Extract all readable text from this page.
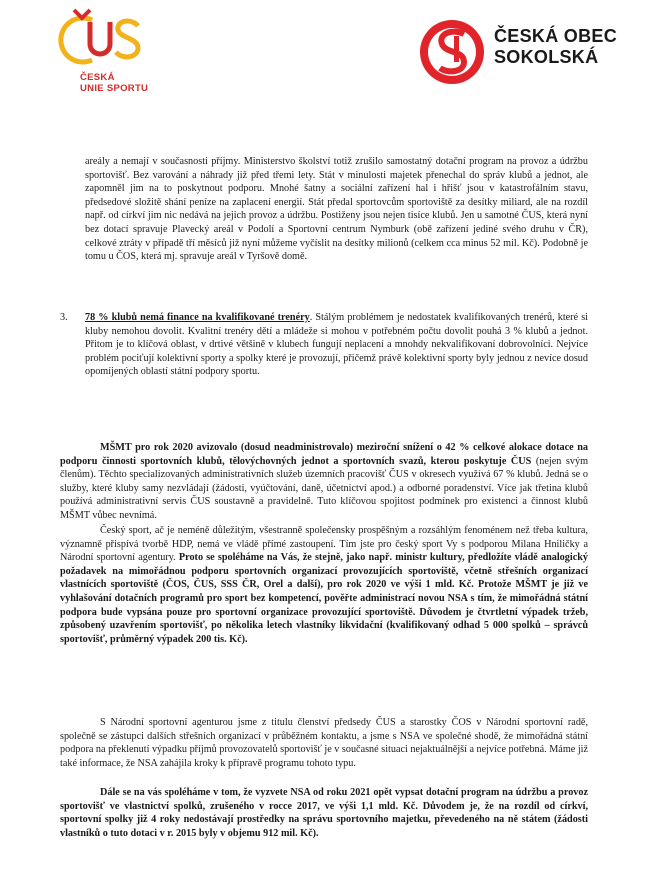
ČESKÁ
UNIE SPORTU
ČESKÁ OBEC
SOKOLSKÁ
areály a nemají v současnosti příjmy. Ministerstvo školství totiž zrušilo samostatný dotační program na provoz a údržbu sportovišť. Bez varování a náhrady již před třemi lety. Stát v minulosti majetek přenechal do správ klubů a jednot, ale zapomněl jim na to poskytnout podporu. Mnohé šatny a sociální zařízení hal i hřišť jsou v katastrofálním stavu, předsedové složitě shání peníze na zaplacení energií. Stát předal sportovcům sportoviště za desítky miliard, ale na rozdíl např. od církví jim nic nedává na jejich provoz a údržbu. Postiženy jsou nejen tisíce klubů. Jen u samotné ČUS, která nyní bez dotací spravuje Plavecký areál v Podolí a Sportovní centrum Nymburk (obě zařízení jediné svého druhu v ČR), celkové ztráty v případě tří měsíců již nyní můžeme vyčíslit na desítky milionů (celkem cca minus 52 mil. Kč). Podobně je tomu u ČOS, která mj. spravuje areál v Tyršově domě.
3.	78 % klubů nemá finance na kvalifikované trenéry. Stálým problémem je nedostatek kvalifikovaných trenérů, které si kluby nemohou dovolit. Kvalitní trenéry dětí a mládeže si mohou v potřebném počtu dovolit pouhá 3 % klubů a jednot. Přitom je to klíčová oblast, v drtivé většině v klubech fungují neplacení a mnohdy nekvalifikovaní dobrovolníci. Nejvíce problém pociťují kolektivní sporty a spolky které je provozují, přičemž právě kolektivní sporty byly jednou z nevíce dosud opomíjených oblastí státní podpory sportu.
MŠMT pro rok 2020 avizovalo (dosud neadministrovalo) meziroční snížení o 42 % celkové alokace dotace na podporu činnosti sportovních klubů, tělovýchovných jednot a sportovních svazů, kterou poskytuje ČUS (nejen svým členům). Těchto specializovaných administrativních služeb územních pracovišť ČUS v okresech využívá 67 % klubů. Jedná se o služby, které kluby samy nezvládají (žádosti, vyúčtování, daně, účetnictví apod.) a odborné poradenství. Více jak třetina klubů používá administrativní servis ČUS soustavně a pravidelně. Tuto klíčovou spojitost podmínek pro existenci a činnost klubů MŠMT vůbec nevnímá.
Český sport, ač je neméně důležitým, všestranně společensky prospěšným a rozsáhlým fenoménem než třeba kultura, významně přispívá tvorbě HDP, nemá ve vládě přímé zastoupení. Tím jste pro český sport Vy s podporou Milana Hniličky a Národní sportovní agentury. Proto se spoléháme na Vás, že stejně, jako např. ministr kultury, předložíte vládě analogický požadavek na mimořádnou podporu sportovních organizací provozujících sportoviště, včetně střešních organizací vlastnících sportoviště (ČOS, ČUS, SSS ČR, Orel a další), pro rok 2020 ve výši 1 mld. Kč. Protože MŠMT je již ve vyhlašování dotačních programů pro sport bez kompetencí, pověřte administrací novou NSA s tím, že mimořádná státní podpora bude vypsána pouze pro sportovní organizace provozující sportoviště. Důvodem je čtvrtletní výpadek tržeb, způsobený uzavřením sportovišť, po několika letech vlastníky likvidační (kvalifikovaný odhad 5 000 spolků – správců sportovišť, průměrný výpadek 200 tis. Kč).
S Národní sportovní agenturou jsme z titulu členství předsedy ČUS a starostky ČOS v Národní sportovní radě, společně se zástupci dalších střešních organizací v průběžném kontaktu, a jsme s NSA ve společné shodě, že mimořádná státní podpora na překlenutí výpadku příjmů provozovatelů sportovišť je v současné situaci nejaktuálnější a nejvíce potřebná. Máme již také informace, že NSA zahájila kroky k přípravě programu tohoto typu.
Dále se na vás spoléháme v tom, že vyzvete NSA od roku 2021 opět vypsat dotační program na údržbu a provoz sportovišť ve vlastnictví spolků, zrušeného v rocce 2017, ve výši 1,1 mld. Kč. Důvodem je, že na rozdíl od církví, sportovní spolky již 4 roky nedostávají prostředky na správu sportovního majetku, převedeného na ně státem (žádosti vlastníků o tuto dotaci v r. 2015 byly v objemu 912 mil. Kč).
